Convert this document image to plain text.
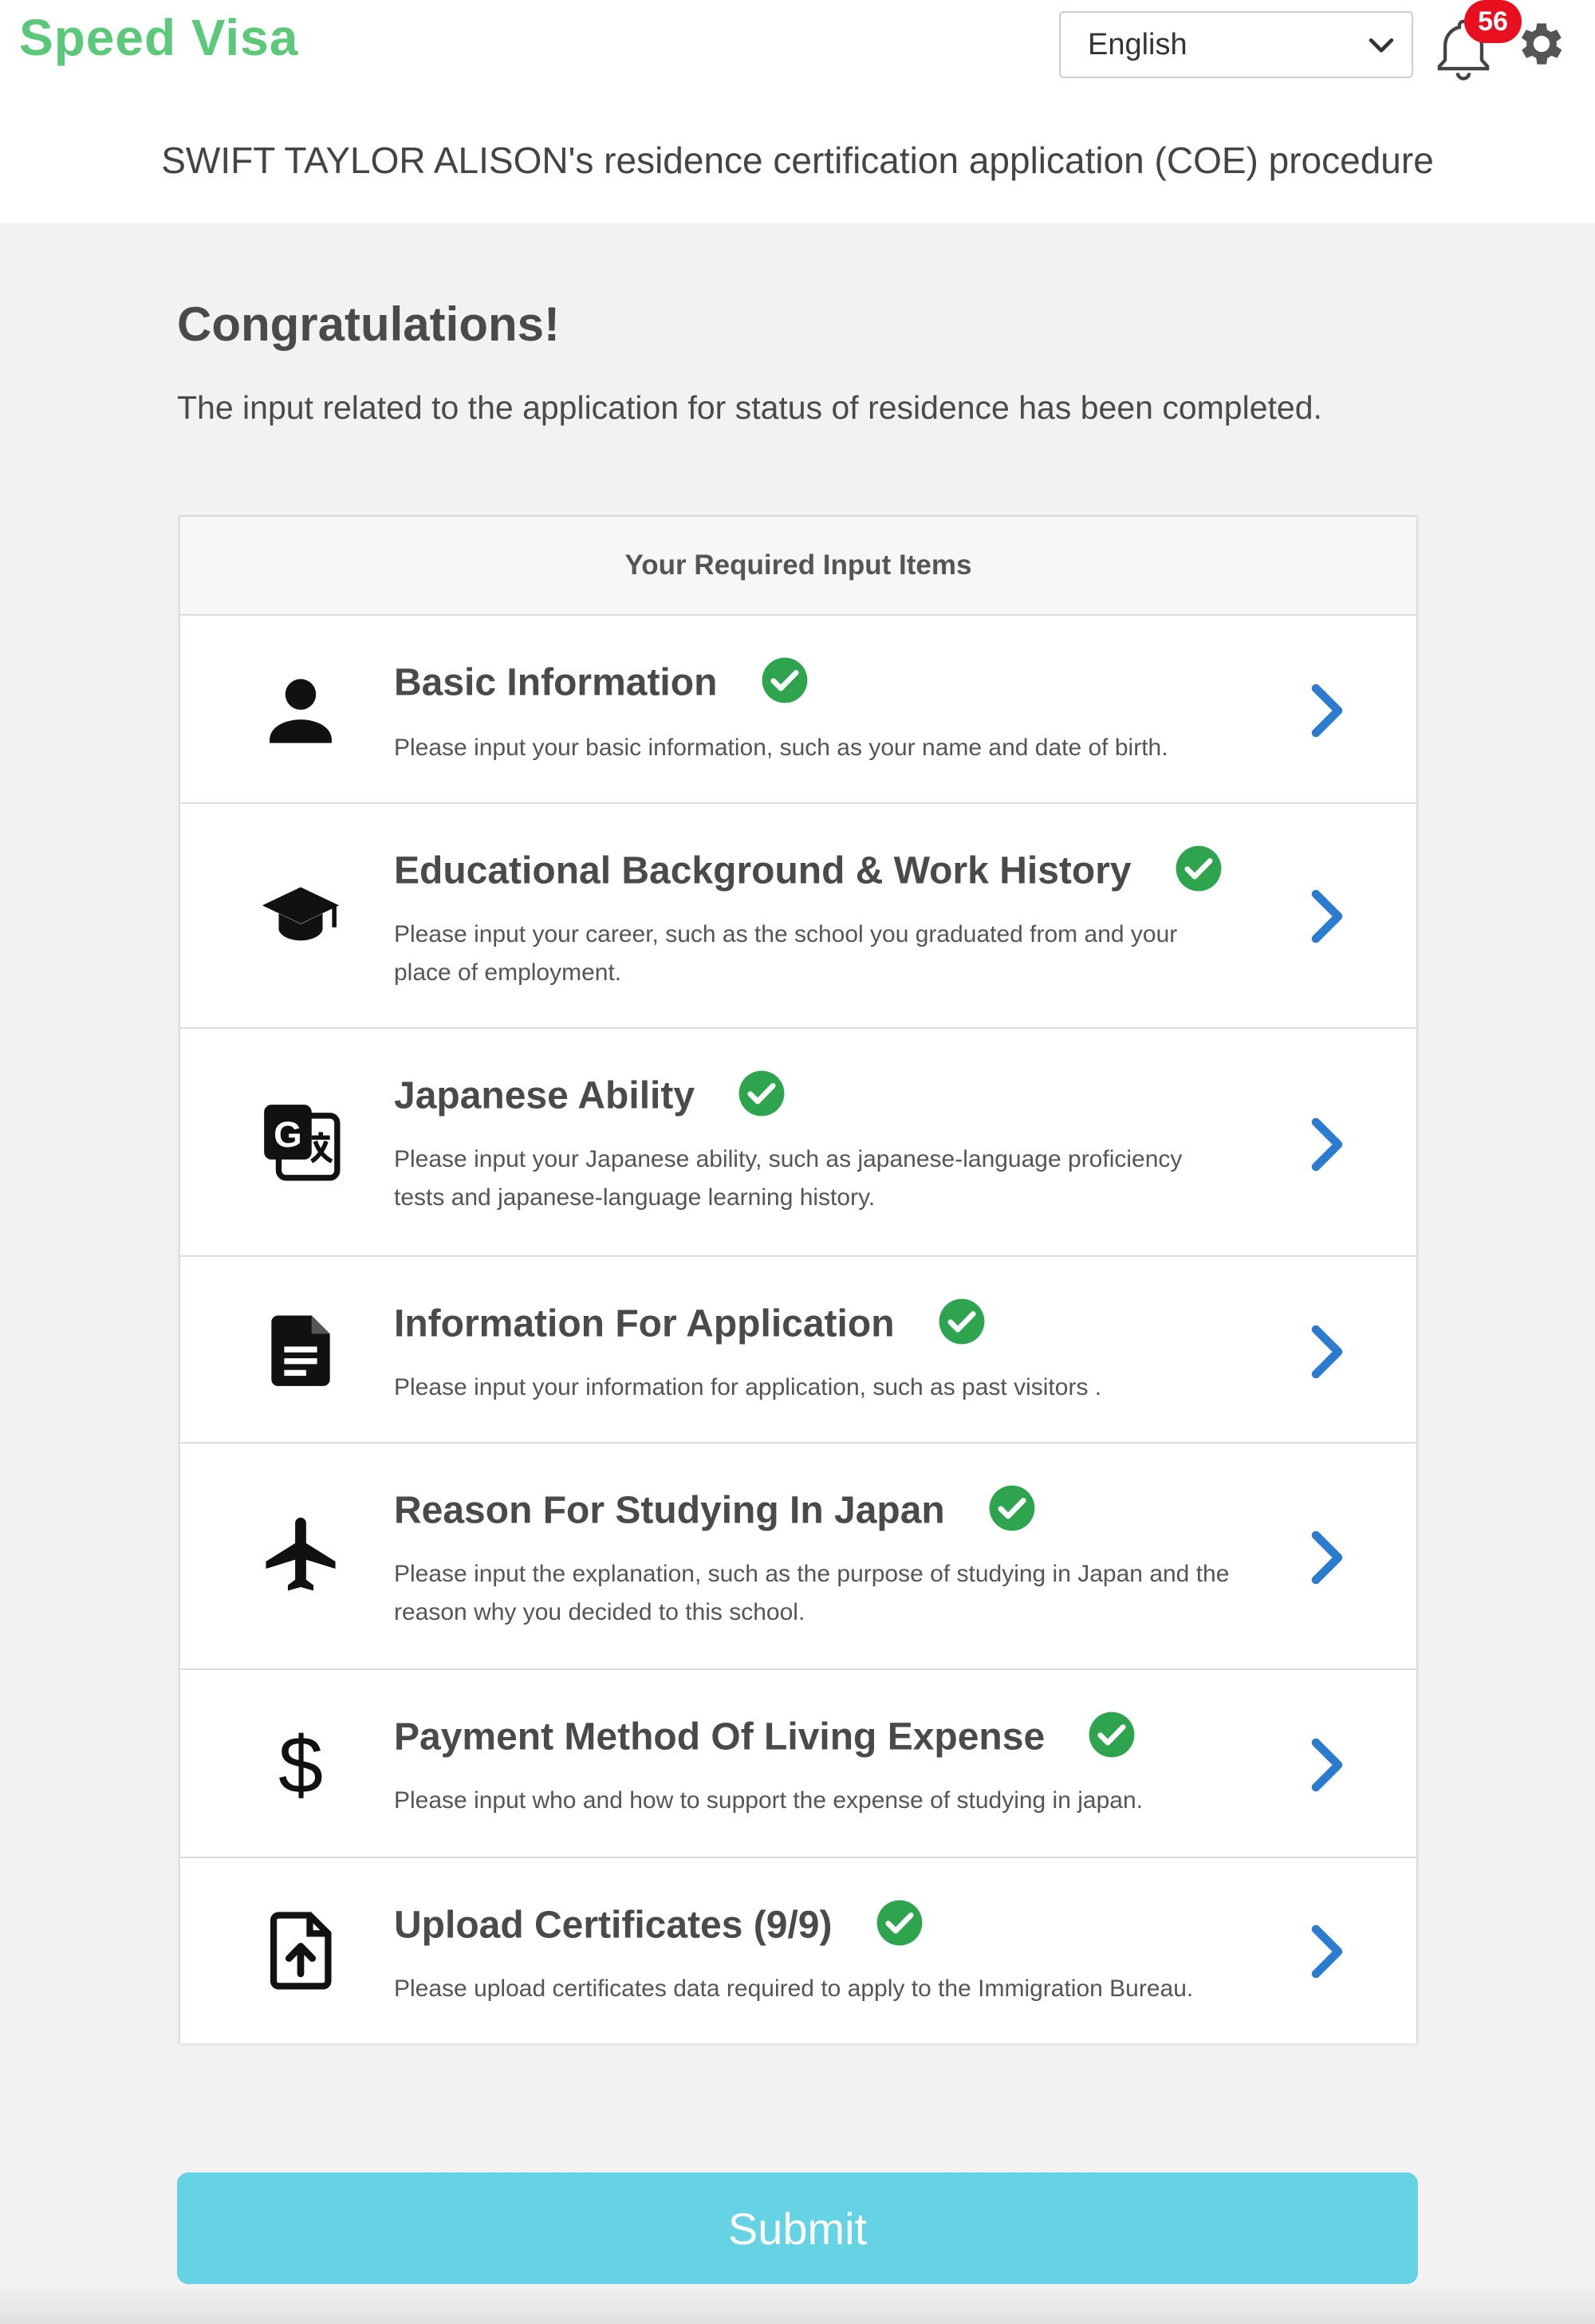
Speed Visa	English
56
SWIFT TAYLOR ALISON's residence certification application (COE) procedure
Congratulations!
The input related to the application for status of residence has been completed.
Your Required Input Items
Basic Information
Please input your basic information, such as your name and date of birth.
Educational Background & Work History
Please input your career, such as the school you graduated from and your place of employment.
G
Japanese Ability
Please input your Japanese ability, such as japanese-language proficiency tests and japanese-language learning history.
Information For Application
Please input your information for application, such as past visitors .
Reason For Studying In Japan
Please input the explanation, such as the purpose of studying in Japan and the reason why you decided to this school.
$ Payment Method Of Living Expense
Please input who and how to support the expense of studying in japan.
Upload Certificates (9/9)
Please upload certificates data required to apply to the Immigration Bureau.
Submit
